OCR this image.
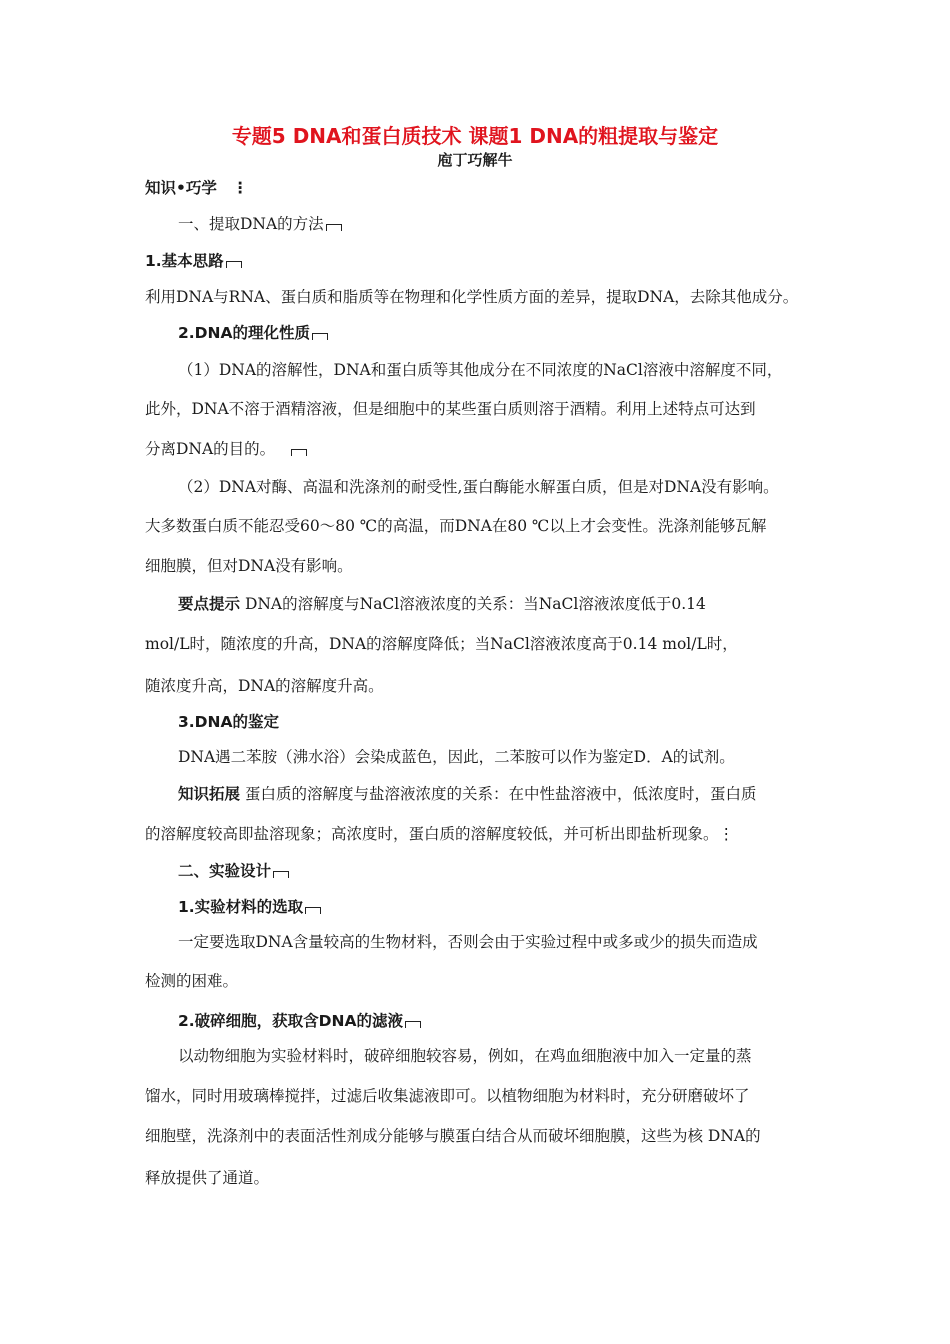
专题5 DNA和蛋白质技术 课题1 DNA的粗提取与鉴定
庖丁巧解牛
知识•巧学　⋮
一、提取DNA的方法
1.基本思路
利用DNA与RNA、蛋白质和脂质等在物理和化学性质方面的差异，提取DNA，去除其他成分。
2.DNA的理化性质
（1）DNA的溶解性，DNA和蛋白质等其他成分在不同浓度的NaCl溶液中溶解度不同，
此外，DNA不溶于酒精溶液，但是细胞中的某些蛋白质则溶于酒精。利用上述特点可达到
分离DNA的目的。
（2）DNA对酶、高温和洗涤剂的耐受性,蛋白酶能水解蛋白质，但是对DNA没有影响。
大多数蛋白质不能忍受60～80 ℃的高温，而DNA在80 ℃以上才会变性。洗涤剂能够瓦解
细胞膜，但对DNA没有影响。
要点提示 DNA的溶解度与NaCl溶液浓度的关系：当NaCl溶液浓度低于0.14
mol/L时，随浓度的升高，DNA的溶解度降低；当NaCl溶液浓度高于0.14 mol/L时，
随浓度升高，DNA的溶解度升高。
3.DNA的鉴定
DNA遇二苯胺（沸水浴）会染成蓝色，因此，二苯胺可以作为鉴定D．A的试剂。
知识拓展 蛋白质的溶解度与盐溶液浓度的关系：在中性盐溶液中，低浓度时，蛋白质
的溶解度较高即盐溶现象；高浓度时，蛋白质的溶解度较低，并可析出即盐析现象。⋮
二、实验设计
1.实验材料的选取
一定要选取DNA含量较高的生物材料，否则会由于实验过程中或多或少的损失而造成
检测的困难。
2.破碎细胞，获取含DNA的滤液
以动物细胞为实验材料时，破碎细胞较容易，例如，在鸡血细胞液中加入一定量的蒸
馏水，同时用玻璃棒搅拌，过滤后收集滤液即可。以植物细胞为材料时，充分研磨破坏了
细胞壁，洗涤剂中的表面活性剂成分能够与膜蛋白结合从而破坏细胞膜，这些为核 DNA的
释放提供了通道。
